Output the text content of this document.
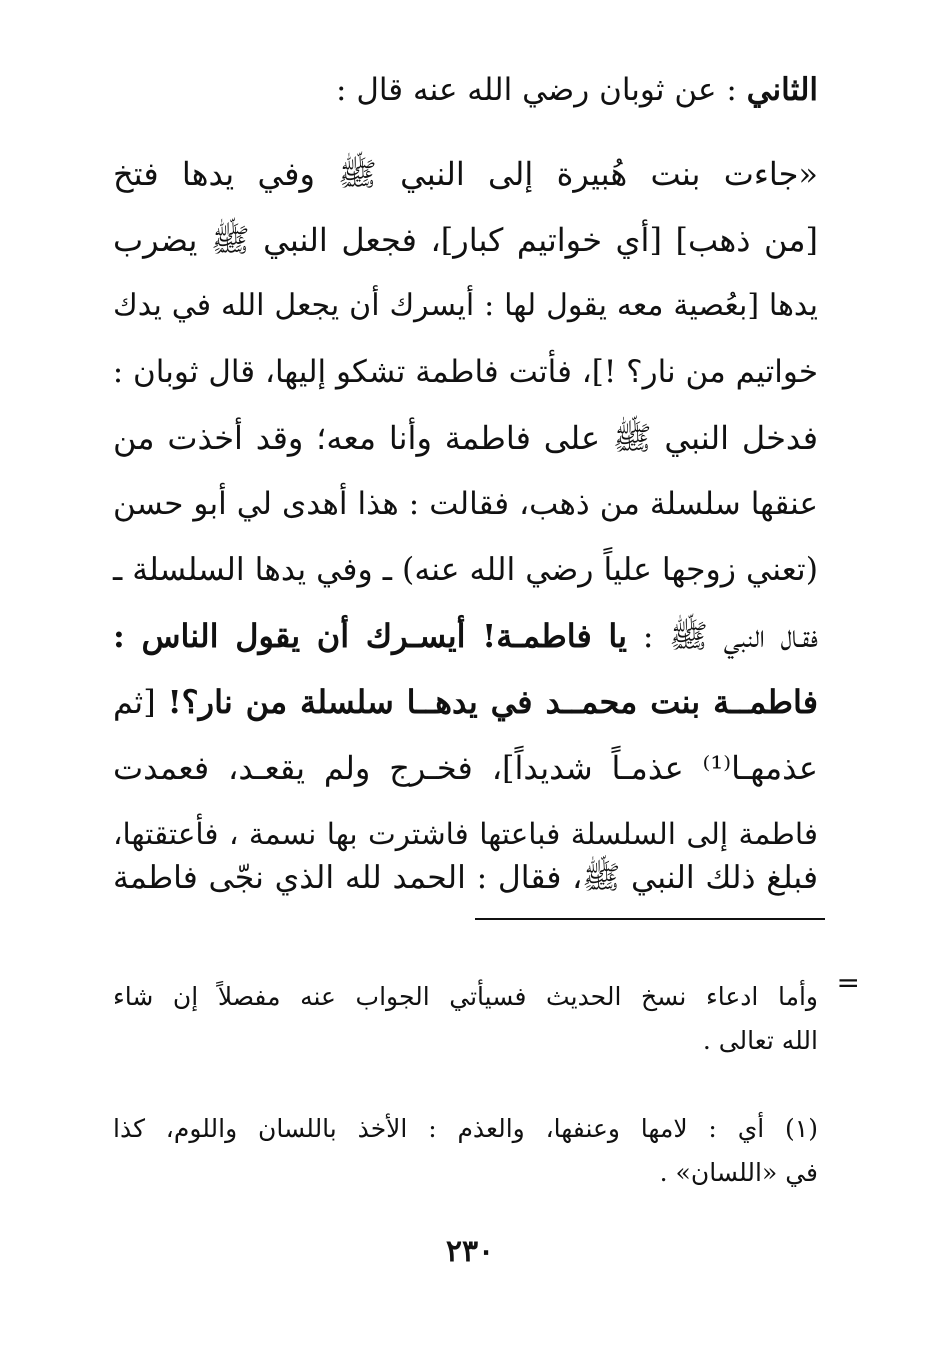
الثاني : عن ثوبان رضي الله عنه قال :
«جاءت بنت هُبيرة إلى النبي ﷺ وفي يدها فتخ
[من ذهب] [أي خواتيم كبار]، فجعل النبي ﷺ يضرب
يدها [بعُصية معه يقول لها : أيسرك أن يجعل الله في يدك
خواتيم من نار؟ !]، فأتت فاطمة تشكو إليها، قال ثوبان :
فدخل النبي ﷺ على فاطمة وأنا معه؛ وقد أخذت من
عنقها سلسلة من ذهب، فقالت : هذا أهدى لي أبو حسن
(تعني زوجها علياً رضي الله عنه) ـ وفي يدها السلسلة ـ
فقـال النبي ﷺ : يا فاطمـة! أيسـرك أن يقول الناس :
فاطمــة بنت محمــد في يدهــا سلسلة من نار؟! [ثم
عذمهـا⁽¹⁾ عذمـاً شديداً]، فخـرج ولم يقعـد، فعمدت
فاطمة إلى السلسلة فباعتها فاشترت بها نسمة ، فأعتقتها،
فبلغ ذلك النبي ﷺ، فقال : الحمد لله الذي نجّى فاطمة
=
وأما ادعاء نسخ الحديث فسيأتي الجواب عنه مفصلاً إن شاء
الله تعالى .
(١) أي : لامها وعنفها، والعذم : الأخذ باللسان واللوم، كذا
في «اللسان» .
٢٣٠
